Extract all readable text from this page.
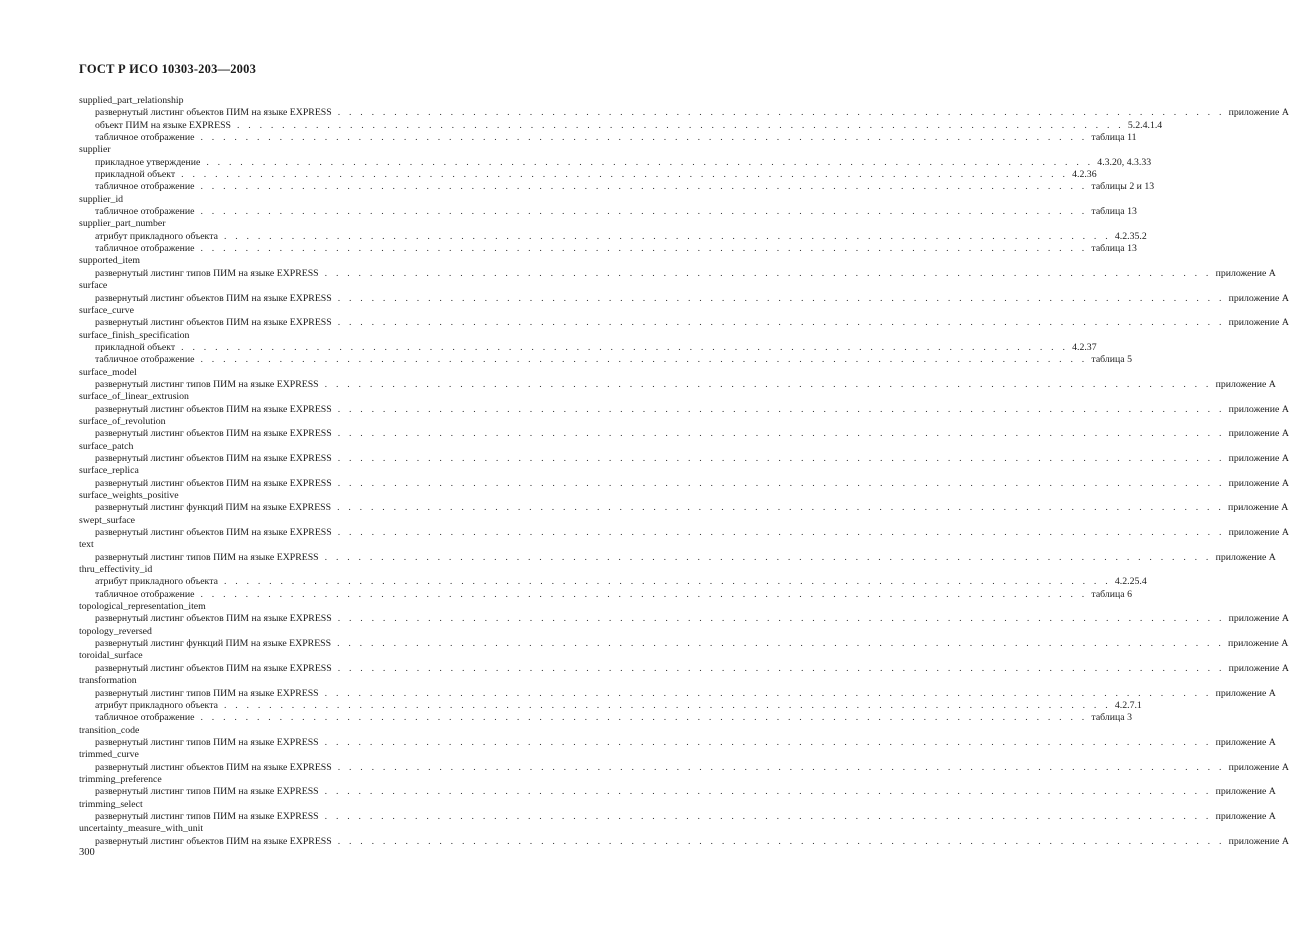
ГОСТ Р ИСО 10303-203—2003
supplied_part_relationship
развернутый листинг объектов ПИМ на языке EXPRESS . . . . . . . . . . . . . . . . . . . . . . . . . . . . . . . . . . . . . . . . . . . . . . . . . . . . . . . . . . . . . . . . . . . . . . . . . . . . . . . приложение А
объект ПИМ на языке EXPRESS . . . . . . . . . . . . . . . . . . . . . . . . . . . . . . . . . . . . . . . . . . . . . . . . . . . . . . . . . . . . . . . . . . . . . . . . . . . . . . . 5.2.4.1.4
табличное отображение . . . . . . . . . . . . . . . . . . . . . . . . . . . . . . . . . . . . . . . . . . . . . . . . . . . . . . . . . . . . . . . . . . . . . . . . . . . . . . . таблица 11
supplier
прикладное утверждение . . . . . . . . . . . . . . . . . . . . . . . . . . . . . . . . . . . . . . . . . . . . . . . . . . . . . . . . . . . . . . . . . . . . . . . . . . . . . . . 4.3.20, 4.3.33
прикладной объект . . . . . . . . . . . . . . . . . . . . . . . . . . . . . . . . . . . . . . . . . . . . . . . . . . . . . . . . . . . . . . . . . . . . . . . . . . . . . . . 4.2.36
табличное отображение . . . . . . . . . . . . . . . . . . . . . . . . . . . . . . . . . . . . . . . . . . . . . . . . . . . . . . . . . . . . . . . . . . . . . . . . . . . . . . . таблицы 2 и 13
supplier_id
табличное отображение . . . . . . . . . . . . . . . . . . . . . . . . . . . . . . . . . . . . . . . . . . . . . . . . . . . . . . . . . . . . . . . . . . . . . . . . . . . . . . . таблица 13
supplier_part_number
атрибут прикладного объекта . . . . . . . . . . . . . . . . . . . . . . . . . . . . . . . . . . . . . . . . . . . . . . . . . . . . . . . . . . . . . . . . . . . . . . . . . . . . . . . 4.2.35.2
табличное отображение . . . . . . . . . . . . . . . . . . . . . . . . . . . . . . . . . . . . . . . . . . . . . . . . . . . . . . . . . . . . . . . . . . . . . . . . . . . . . . . таблица 13
supported_item
развернутый листинг типов ПИМ на языке EXPRESS . . . . . . . . . . . . . . . . . . . . . . . . . . . . . . . . . . . . . . . . . . . . . . . . . . . . . . . . . . . . . . . . . . . . . . . . . . . . . . . приложение А
surface
развернутый листинг объектов ПИМ на языке EXPRESS . . . . . . . . . . . . . . . . . . . . . . . . . . . . . . . . . . . . . . . . . . . . . . . . . . . . . . . . . . . . . . . . . . . . . . . . . . . . . . . приложение А
surface_curve
развернутый листинг объектов ПИМ на языке EXPRESS . . . . . . . . . . . . . . . . . . . . . . . . . . . . . . . . . . . . . . . . . . . . . . . . . . . . . . . . . . . . . . . . . . . . . . . . . . . . . . . приложение А
surface_finish_specification
прикладной объект . . . . . . . . . . . . . . . . . . . . . . . . . . . . . . . . . . . . . . . . . . . . . . . . . . . . . . . . . . . . . . . . . . . . . . . . . . . . . . . 4.2.37
табличное отображение . . . . . . . . . . . . . . . . . . . . . . . . . . . . . . . . . . . . . . . . . . . . . . . . . . . . . . . . . . . . . . . . . . . . . . . . . . . . . . . таблица 5
surface_model
развернутый листинг типов ПИМ на языке EXPRESS . . . . . . . . . . . . . . . . . . . . . . . . . . . . . . . . . . . . . . . . . . . . . . . . . . . . . . . . . . . . . . . . . . . . . . . . . . . . . . . приложение А
surface_of_linear_extrusion
развернутый листинг объектов ПИМ на языке EXPRESS . . . . . . . . . . . . . . . . . . . . . . . . . . . . . . . . . . . . . . . . . . . . . . . . . . . . . . . . . . . . . . . . . . . . . . . . . . . . . . . приложение А
surface_of_revolution
развернутый листинг объектов ПИМ на языке EXPRESS . . . . . . . . . . . . . . . . . . . . . . . . . . . . . . . . . . . . . . . . . . . . . . . . . . . . . . . . . . . . . . . . . . . . . . . . . . . . . . . приложение А
surface_patch
развернутый листинг объектов ПИМ на языке EXPRESS . . . . . . . . . . . . . . . . . . . . . . . . . . . . . . . . . . . . . . . . . . . . . . . . . . . . . . . . . . . . . . . . . . . . . . . . . . . . . . . приложение А
surface_replica
развернутый листинг объектов ПИМ на языке EXPRESS . . . . . . . . . . . . . . . . . . . . . . . . . . . . . . . . . . . . . . . . . . . . . . . . . . . . . . . . . . . . . . . . . . . . . . . . . . . . . . . приложение А
surface_weights_positive
развернутый листинг функций ПИМ на языке EXPRESS . . . . . . . . . . . . . . . . . . . . . . . . . . . . . . . . . . . . . . . . . . . . . . . . . . . . . . . . . . . . . . . . . . . . . . . . . . . . . . . приложение А
swept_surface
развернутый листинг объектов ПИМ на языке EXPRESS . . . . . . . . . . . . . . . . . . . . . . . . . . . . . . . . . . . . . . . . . . . . . . . . . . . . . . . . . . . . . . . . . . . . . . . . . . . . . . . приложение А
text
развернутый листинг типов ПИМ на языке EXPRESS . . . . . . . . . . . . . . . . . . . . . . . . . . . . . . . . . . . . . . . . . . . . . . . . . . . . . . . . . . . . . . . . . . . . . . . . . . . . . . . приложение А
thru_effectivity_id
атрибут прикладного объекта . . . . . . . . . . . . . . . . . . . . . . . . . . . . . . . . . . . . . . . . . . . . . . . . . . . . . . . . . . . . . . . . . . . . . . . . . . . . . . . 4.2.25.4
табличное отображение . . . . . . . . . . . . . . . . . . . . . . . . . . . . . . . . . . . . . . . . . . . . . . . . . . . . . . . . . . . . . . . . . . . . . . . . . . . . . . . таблица 6
topological_representation_item
развернутый листинг объектов ПИМ на языке EXPRESS . . . . . . . . . . . . . . . . . . . . . . . . . . . . . . . . . . . . . . . . . . . . . . . . . . . . . . . . . . . . . . . . . . . . . . . . . . . . . . . приложение А
topology_reversed
развернутый листинг функций ПИМ на языке EXPRESS . . . . . . . . . . . . . . . . . . . . . . . . . . . . . . . . . . . . . . . . . . . . . . . . . . . . . . . . . . . . . . . . . . . . . . . . . . . . . . . приложение А
toroidal_surface
развернутый листинг объектов ПИМ на языке EXPRESS . . . . . . . . . . . . . . . . . . . . . . . . . . . . . . . . . . . . . . . . . . . . . . . . . . . . . . . . . . . . . . . . . . . . . . . . . . . . . . . приложение А
transformation
развернутый листинг типов ПИМ на языке EXPRESS . . . . . . . . . . . . . . . . . . . . . . . . . . . . . . . . . . . . . . . . . . . . . . . . . . . . . . . . . . . . . . . . . . . . . . . . . . . . . . . приложение А
атрибут прикладного объекта . . . . . . . . . . . . . . . . . . . . . . . . . . . . . . . . . . . . . . . . . . . . . . . . . . . . . . . . . . . . . . . . . . . . . . . . . . . . . . . 4.2.7.1
табличное отображение . . . . . . . . . . . . . . . . . . . . . . . . . . . . . . . . . . . . . . . . . . . . . . . . . . . . . . . . . . . . . . . . . . . . . . . . . . . . . . . таблица 3
transition_code
развернутый листинг типов ПИМ на языке EXPRESS . . . . . . . . . . . . . . . . . . . . . . . . . . . . . . . . . . . . . . . . . . . . . . . . . . . . . . . . . . . . . . . . . . . . . . . . . . . . . . . приложение А
trimmed_curve
развернутый листинг объектов ПИМ на языке EXPRESS . . . . . . . . . . . . . . . . . . . . . . . . . . . . . . . . . . . . . . . . . . . . . . . . . . . . . . . . . . . . . . . . . . . . . . . . . . . . . . . приложение А
trimming_preference
развернутый листинг типов ПИМ на языке EXPRESS . . . . . . . . . . . . . . . . . . . . . . . . . . . . . . . . . . . . . . . . . . . . . . . . . . . . . . . . . . . . . . . . . . . . . . . . . . . . . . . приложение А
trimming_select
развернутый листинг типов ПИМ на языке EXPRESS . . . . . . . . . . . . . . . . . . . . . . . . . . . . . . . . . . . . . . . . . . . . . . . . . . . . . . . . . . . . . . . . . . . . . . . . . . . . . . . приложение А
uncertainty_measure_with_unit
развернутый листинг объектов ПИМ на языке EXPRESS . . . . . . . . . . . . . . . . . . . . . . . . . . . . . . . . . . . . . . . . . . . . . . . . . . . . . . . . . . . . . . . . . . . . . . . . . . . . . . . приложение А
300
